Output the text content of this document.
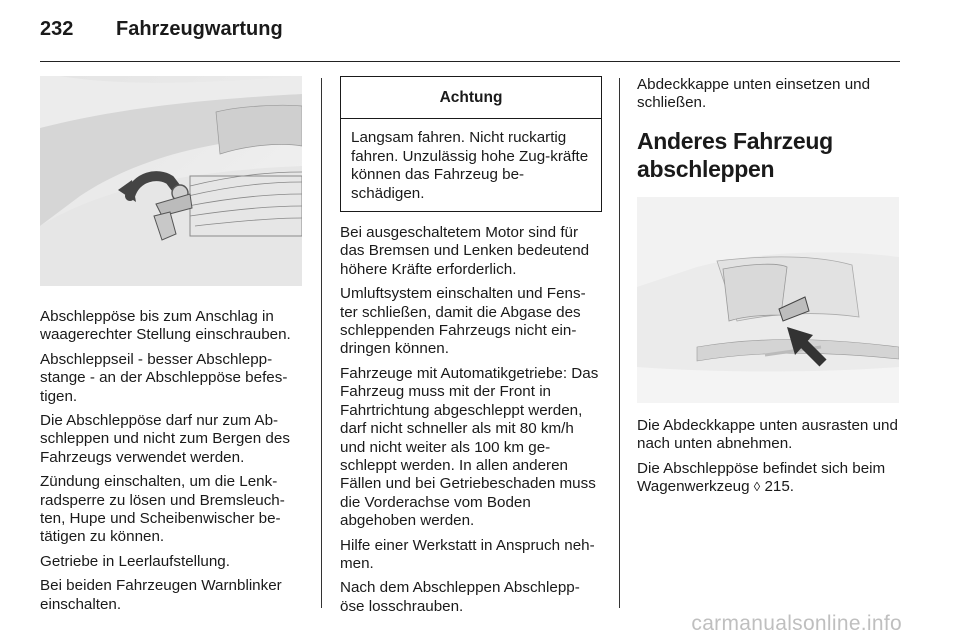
232 Fahrzeugwartung

Abschleppöse bis zum Anschlag in waagerechter Stellung einschrauben.

Abschleppseil - besser Abschlepp-stange - an der Abschleppöse befes-tigen.

Die Abschleppöse darf nur zum Ab-schleppen und nicht zum Bergen des Fahrzeugs verwendet werden.

Zündung einschalten, um die Lenk-radsperre zu lösen und Bremsleuch-ten, Hupe und Scheibenwischer be-tätigen zu können.

Getriebe in Leerlaufstellung.

Bei beiden Fahrzeugen Warnblinker einschalten.

Achtung
Langsam fahren. Nicht ruckartig fahren. Unzulässig hohe Zug-kräfte können das Fahrzeug be-schädigen.

Bei ausgeschaltetem Motor sind für das Bremsen und Lenken bedeutend höhere Kräfte erforderlich.

Umluftsystem einschalten und Fens-ter schließen, damit die Abgase des schleppenden Fahrzeugs nicht ein-dringen können.

Fahrzeuge mit Automatikgetriebe: Das Fahrzeug muss mit der Front in Fahrtrichtung abgeschleppt werden, darf nicht schneller als mit 80 km/h und nicht weiter als 100 km ge-schleppt werden. In allen anderen Fällen und bei Getriebeschaden muss die Vorderachse vom Boden abgehoben werden.

Hilfe einer Werkstatt in Anspruch neh-men.

Nach dem Abschleppen Abschlepp-öse losschrauben.

Abdeckkappe unten einsetzen und schließen.

Anderes Fahrzeug abschleppen

Die Abdeckkappe unten ausrasten und nach unten abnehmen.

Die Abschleppöse befindet sich beim Wagenwerkzeug ◊ 215.

carmanualsonline.info
